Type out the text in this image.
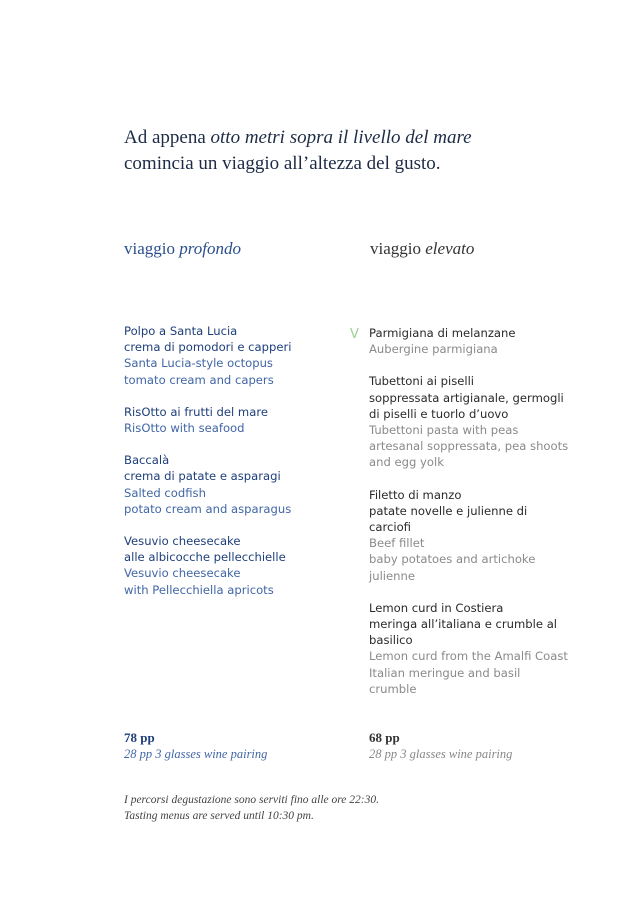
Ad appena otto metri sopra il livello del mare
comincia un viaggio all’altezza del gusto.
viaggio profondo	viaggio elevato
Polpo a Santa Lucia
crema di pomodori e capperi
Santa Lucia-style octopus
tomato cream and capers
RisOtto ai frutti del mare
RisOtto with seafood
Baccalà
crema di patate e asparagi
Salted codfish
potato cream and asparagus
Vesuvio cheesecake
alle albicocche pellecchielle
Vesuvio cheesecake
with Pellecchiella apricots
V Parmigiana di melanzane
Aubergine parmigiana
Tubettoni ai piselli
soppressata artigianale, germogli
di piselli e tuorlo d’uovo
Tubettoni pasta with peas
artesanal soppressata, pea shoots
and egg yolk
Filetto di manzo
patate novelle e julienne di
carciofi
Beef fillet
baby potatoes and artichoke
julienne
Lemon curd in Costiera
meringa all’italiana e crumble al
basilico
Lemon curd from the Amalfi Coast
Italian meringue and basil crumble
78 pp
28 pp 3 glasses wine pairing
68 pp
28 pp 3 glasses wine pairing
I percorsi degustazione sono serviti fino alle ore 22:30.
Tasting menus are served until 10:30 pm.
